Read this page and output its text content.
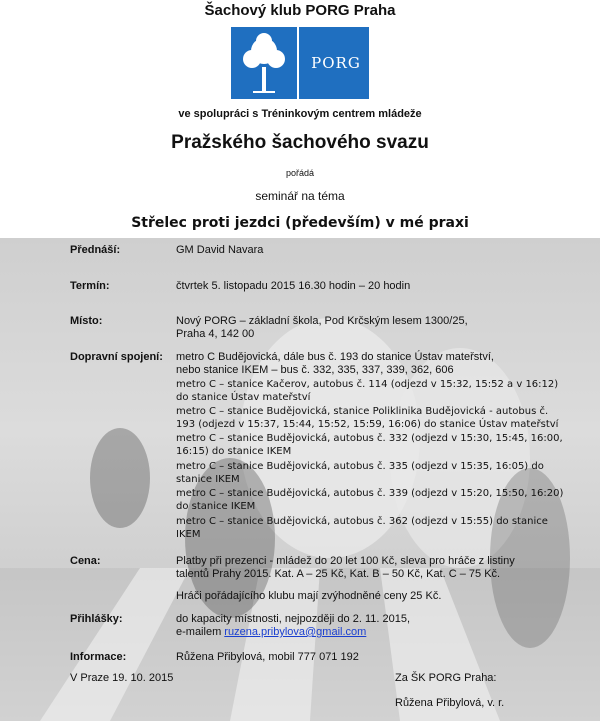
Šachový klub PORG Praha
PORG
ve spolupráci s Tréninkovým centrem mládeže
Pražského šachového svazu
pořádá
seminář na téma
Střelec proti jezdci (především) v mé praxi
Přednáší:	GM David Navara
Termín:	čtvrtek 5. listopadu 2015 16.30 hodin – 20 hodin
Místo:	Nový PORG – základní škola, Pod Krčským lesem 1300/25,
Praha 4, 142 00
Dopravní spojení: metro C Budějovická, dále bus č. 193 do stanice Ústav mateřství,
nebo stanice IKEM – bus č. 332, 335, 337, 339, 362, 606
metro C – stanice Kačerov, autobus č. 114 (odjezd v 15:32, 15:52 a v 16:12)
do stanice Ústav mateřství
metro C – stanice Budějovická, stanice Poliklinika Budějovická - autobus č.
193 (odjezd v 15:37, 15:44, 15:52, 15:59, 16:06) do stanice Ústav mateřství
metro C – stanice Budějovická, autobus č. 332 (odjezd v 15:30, 15:45, 16:00,
16:15) do stanice IKEM
metro C – stanice Budějovická, autobus č. 335 (odjezd v 15:35, 16:05) do
stanice IKEM
metro C – stanice Budějovická, autobus č. 339 (odjezd v 15:20, 15:50, 16:20)
do stanice IKEM
metro C – stanice Budějovická, autobus č. 362 (odjezd v 15:55) do stanice
IKEM
Cena:	Platby při prezenci - mládež do 20 let 100 Kč, sleva pro hráče z listiny
talentů Prahy 2015. Kat. A – 25 Kč, Kat. B – 50 Kč, Kat. C – 75 Kč.
Hráči pořádajícího klubu mají zvýhodněné ceny 25 Kč.
Přihlášky:	do kapacity místnosti, nejpozději do 2. 11. 2015,
e-mailem ruzena.pribylova@gmail.com
Informace:	Růžena Přibylová, mobil 777 071 192
V Praze 19. 10. 2015	Za ŠK PORG Praha:
Růžena Přibylová, v. r.
